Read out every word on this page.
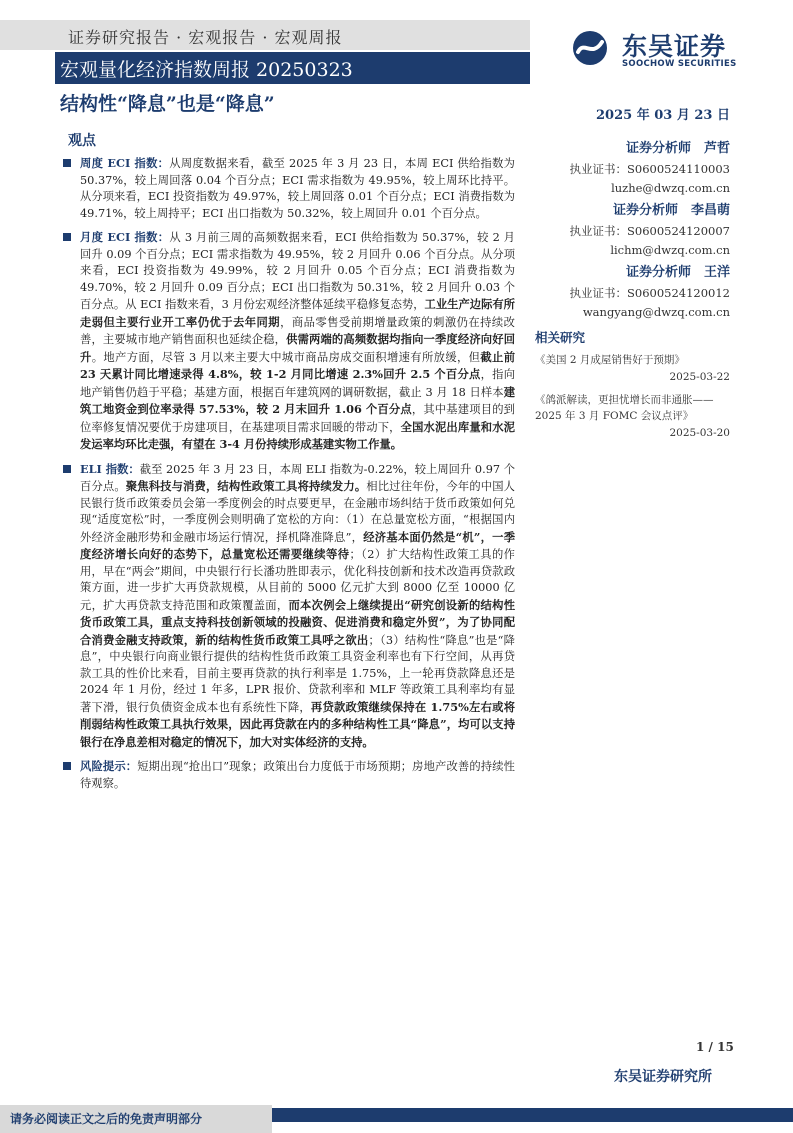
证券研究报告 · 宏观报告 · 宏观周报
宏观量化经济指数周报 20250323
东吴证券
SOOCHOW SECURITIES
结构性“降息”也是“降息”
2025 年 03 月 23 日
观点
周度 ECI 指数：从周度数据来看，截至 2025 年 3 月 23 日，本周 ECI 供给指数为 50.37%，较上周回落 0.04 个百分点；ECI 需求指数为 49.95%，较上周环比持平。从分项来看，ECI 投资指数为 49.97%，较上周回落 0.01 个百分点；ECI 消费指数为 49.71%，较上周持平；ECI 出口指数为 50.32%，较上周回升 0.01 个百分点。
月度 ECI 指数：从 3 月前三周的高频数据来看，ECI 供给指数为 50.37%，较 2 月回升 0.09 个百分点；ECI 需求指数为 49.95%，较 2 月回升 0.06 个百分点。从分项来看，ECI 投资指数为 49.99%，较 2 月回升 0.05 个百分点；ECI 消费指数为 49.70%，较 2 月回升 0.09 百分点；ECI 出口指数为 50.31%，较 2 月回升 0.03 个百分点。从 ECI 指数来看，3 月份宏观经济整体延续平稳修复态势，工业生产边际有所走弱但主要行业开工率仍优于去年同期，商品零售受前期增量政策的刺激仍在持续改善，主要城市地产销售面积也延续企稳，供需两端的高频数据均指向一季度经济向好回升。地产方面，尽管 3 月以来主要大中城市商品房成交面积增速有所放缓，但截止前 23 天累计同比增速录得 4.8%，较 1-2 月同比增速 2.3%回升 2.5 个百分点，指向地产销售仍趋于平稳；基建方面，根据百年建筑网的调研数据，截止 3 月 18 日样本建筑工地资金到位率录得 57.53%，较 2 月末回升 1.06 个百分点，其中基建项目的到位率修复情况要优于房建项目，在基建项目需求回暖的带动下，全国水泥出库量和水泥发运率均环比走强，有望在 3-4 月份持续形成基建实物工作量。
ELI 指数：截至 2025 年 3 月 23 日，本周 ELI 指数为-0.22%，较上周回升 0.97 个百分点。聚焦科技与消费，结构性政策工具将持续发力。相比过往年份，今年的中国人民银行货币政策委员会第一季度例会的时点要更早，在金融市场纠结于货币政策如何兑现“适度宽松”时，一季度例会则明确了宽松的方向：（1）在总量宽松方面，“根据国内外经济金融形势和金融市场运行情况，择机降准降息”，经济基本面仍然是“机”，一季度经济增长向好的态势下，总量宽松还需要继续等待；（2）扩大结构性政策工具的作用，早在“两会”期间，中央银行行长潘功胜即表示，优化科技创新和技术改造再贷款政策方面，进一步扩大再贷款规模，从目前的 5000 亿元扩大到 8000 亿至 10000 亿元，扩大再贷款支持范围和政策覆盖面，而本次例会上继续提出“研究创设新的结构性货币政策工具，重点支持科技创新领域的投融资、促进消费和稳定外贸”，为了协同配合消费金融支持政策，新的结构性货币政策工具呼之欲出；（3）结构性“降息”也是“降息”，中央银行向商业银行提供的结构性货币政策工具资金利率也有下行空间，从再贷款工具的性价比来看，目前主要再贷款的执行利率是 1.75%，上一轮再贷款降息还是 2024 年 1 月份，经过 1 年多，LPR 报价、贷款利率和 MLF 等政策工具利率均有显著下滑，银行负债资金成本也有系统性下降，再贷款政策继续保持在 1.75%左右或将削弱结构性政策工具执行效果，因此再贷款在内的多种结构性工具“降息”，均可以支持银行在净息差相对稳定的情况下，加大对实体经济的支持。
风险提示：短期出现“抢出口”现象；政策出台力度低于市场预期；房地产改善的持续性待观察。
证券分析师　芦哲
执业证书：S0600524110003
luzhe@dwzq.com.cn
证券分析师　李昌萌
执业证书：S0600524120007
lichm@dwzq.com.cn
证券分析师　王洋
执业证书：S0600524120012
wangyang@dwzq.com.cn
相关研究
《美国 2 月成屋销售好于预期》
2025-03-22
《鸽派解读，更担忧增长而非通胀——2025 年 3 月 FOMC 会议点评》
2025-03-20
1 / 15
东吴证券研究所
请务必阅读正文之后的免责声明部分
